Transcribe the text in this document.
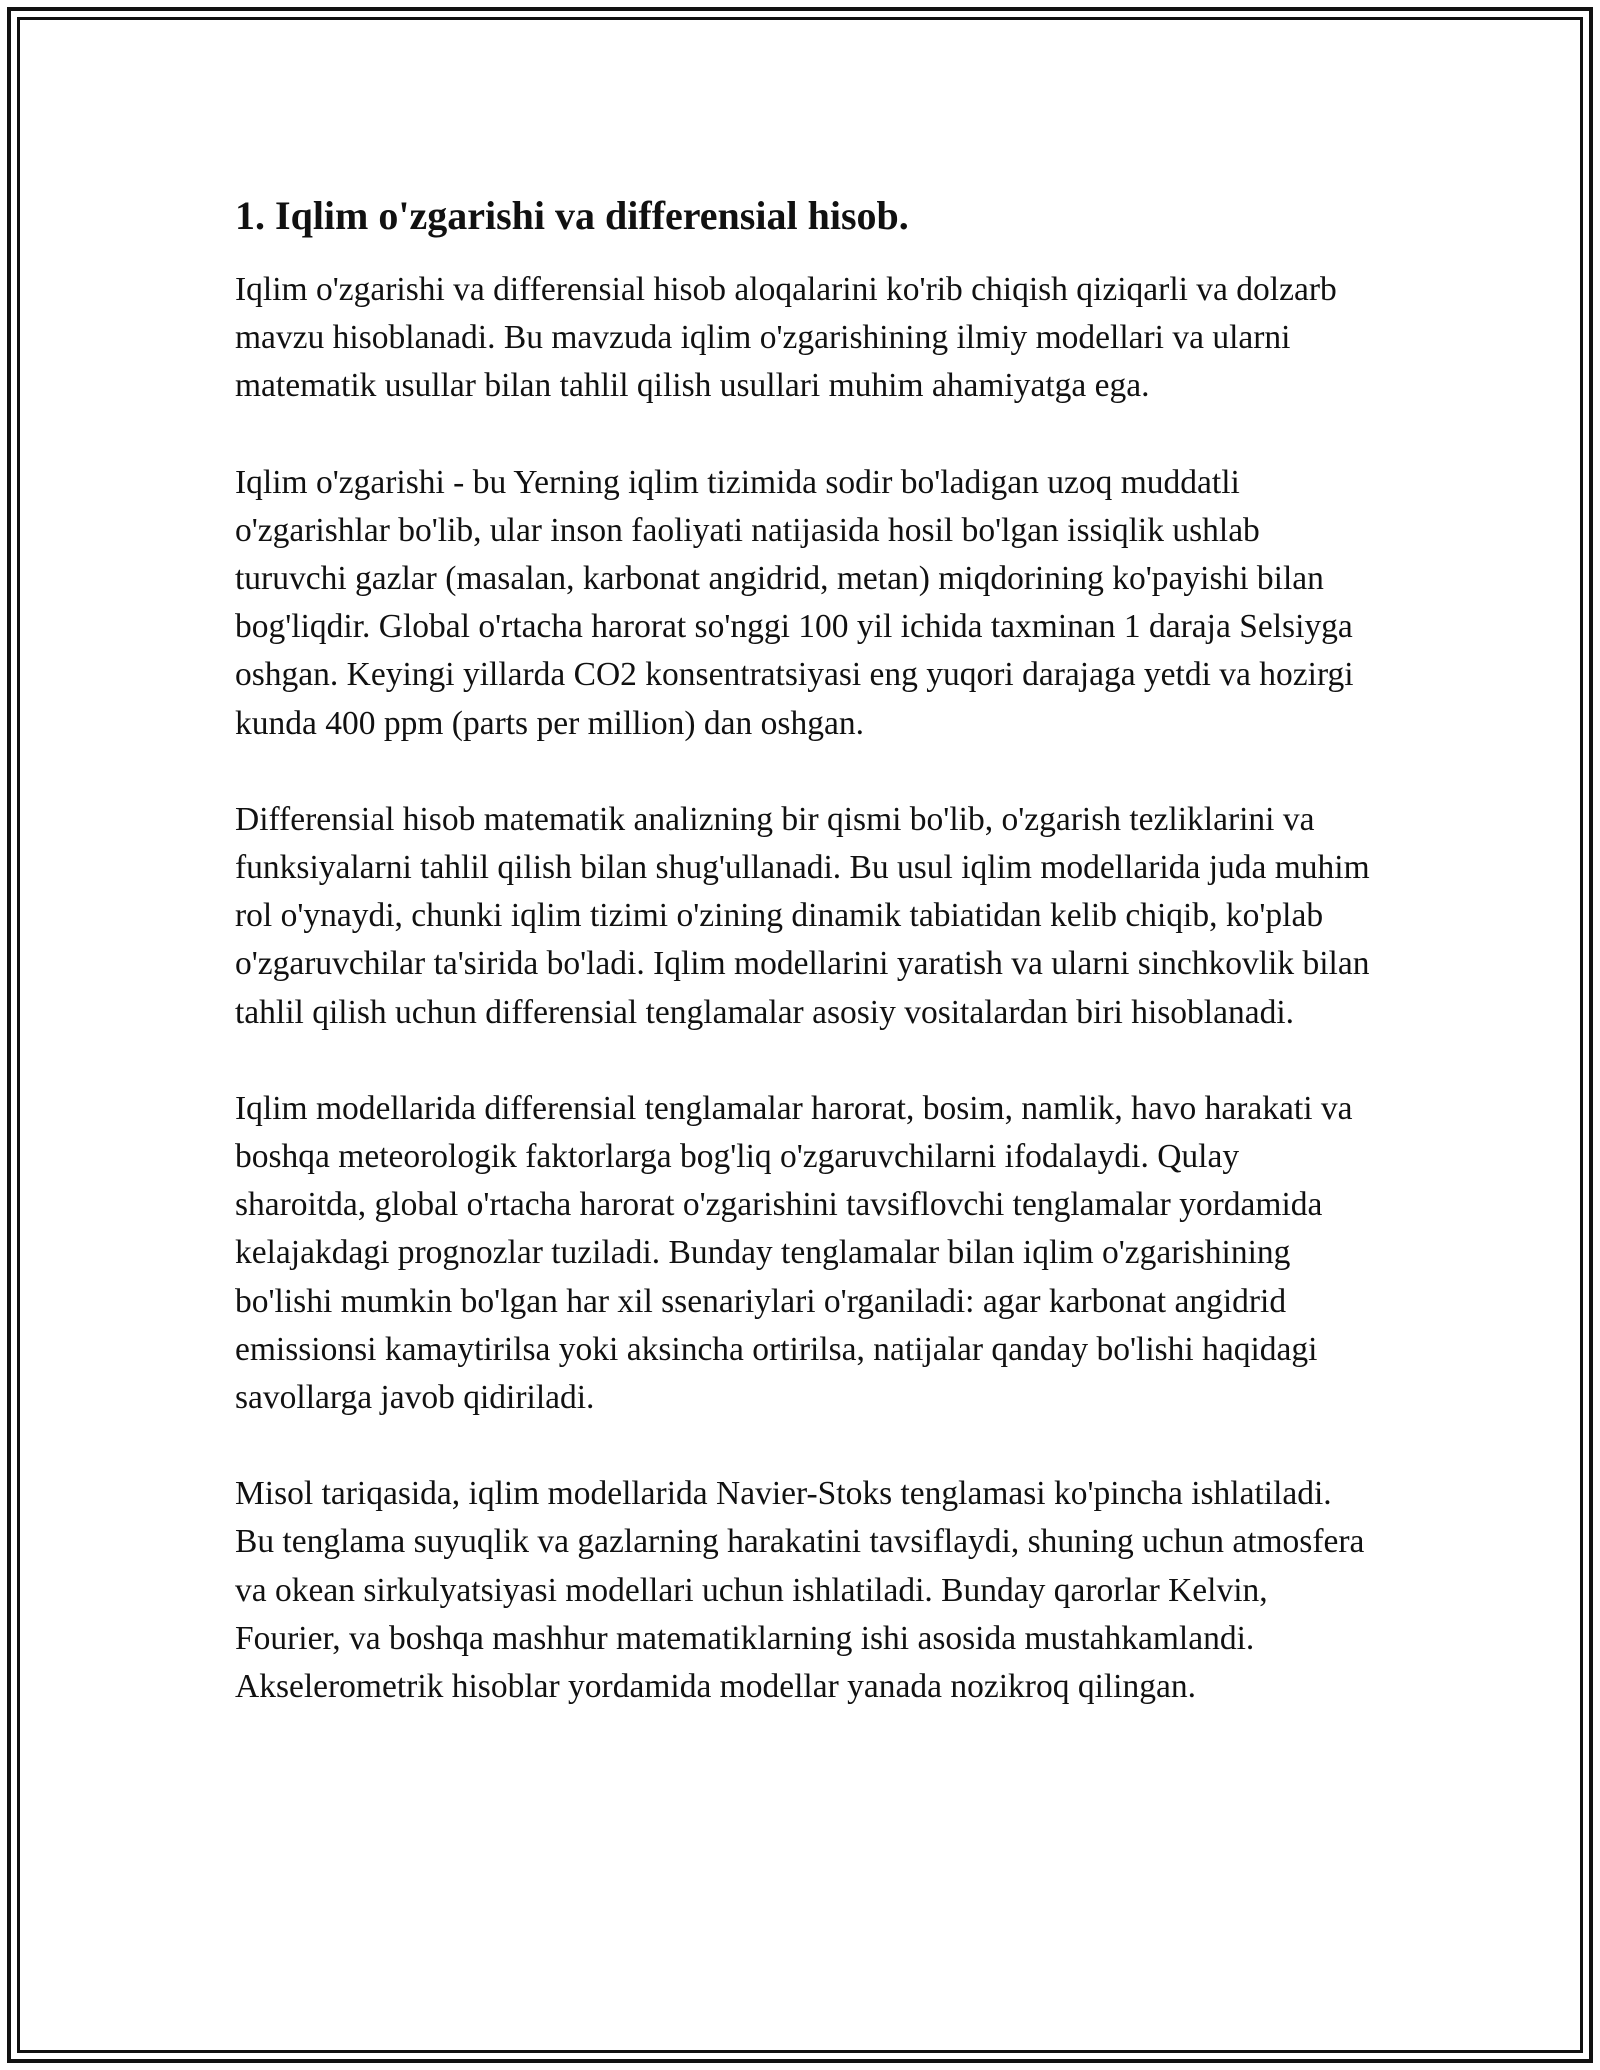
1. Iqlim o'zgarishi va differensial hisob.

Iqlim o'zgarishi va differensial hisob aloqalarini ko'rib chiqish qiziqarli va dolzarb mavzu hisoblanadi. Bu mavzuda iqlim o'zgarishining ilmiy modellari va ularni matematik usullar bilan tahlil qilish usullari muhim ahamiyatga ega.

Iqlim o'zgarishi - bu Yerning iqlim tizimida sodir bo'ladigan uzoq muddatli o'zgarishlar bo'lib, ular inson faoliyati natijasida hosil bo'lgan issiqlik ushlab turuvchi gazlar (masalan, karbonat angidrid, metan) miqdorining ko'payishi bilan bog'liqdir. Global o'rtacha harorat so'nggi 100 yil ichida taxminan 1 daraja Selsiyga oshgan. Keyingi yillarda CO2 konsentratsiyasi eng yuqori darajaga yetdi va hozirgi kunda 400 ppm (parts per million) dan oshgan.

Differensial hisob matematik analizning bir qismi bo'lib, o'zgarish tezliklarini va funksiyalarni tahlil qilish bilan shug'ullanadi. Bu usul iqlim modellarida juda muhim rol o'ynaydi, chunki iqlim tizimi o'zining dinamik tabiatidan kelib chiqib, ko'plab o'zgaruvchilar ta'sirida bo'ladi. Iqlim modellarini yaratish va ularni sinchkovlik bilan tahlil qilish uchun differensial tenglamalar asosiy vositalardan biri hisoblanadi.

Iqlim modellarida differensial tenglamalar harorat, bosim, namlik, havo harakati va boshqa meteorologik faktorlarga bog'liq o'zgaruvchilarni ifodalaydi. Qulay sharoitda, global o'rtacha harorat o'zgarishini tavsiflovchi tenglamalar yordamida kelajakdagi prognozlar tuziladi. Bunday tenglamalar bilan iqlim o'zgarishining bo'lishi mumkin bo'lgan har xil ssenariylari o'rganiladi: agar karbonat angidrid emissionsi kamaytirilsa yoki aksincha ortirilsa, natijalar qanday bo'lishi haqidagi savollarga javob qidiriladi.

Misol tariqasida, iqlim modellarida Navier-Stoks tenglamasi ko'pincha ishlatiladi. Bu tenglama suyuqlik va gazlarning harakatini tavsiflaydi, shuning uchun atmosfera va okean sirkulyatsiyasi modellari uchun ishlatiladi. Bunday qarorlar Kelvin, Fourier, va boshqa mashhur matematiklarning ishi asosida mustahkamlandi. Akselerometrik hisoblar yordamida modellar yanada nozikroq qilingan.
